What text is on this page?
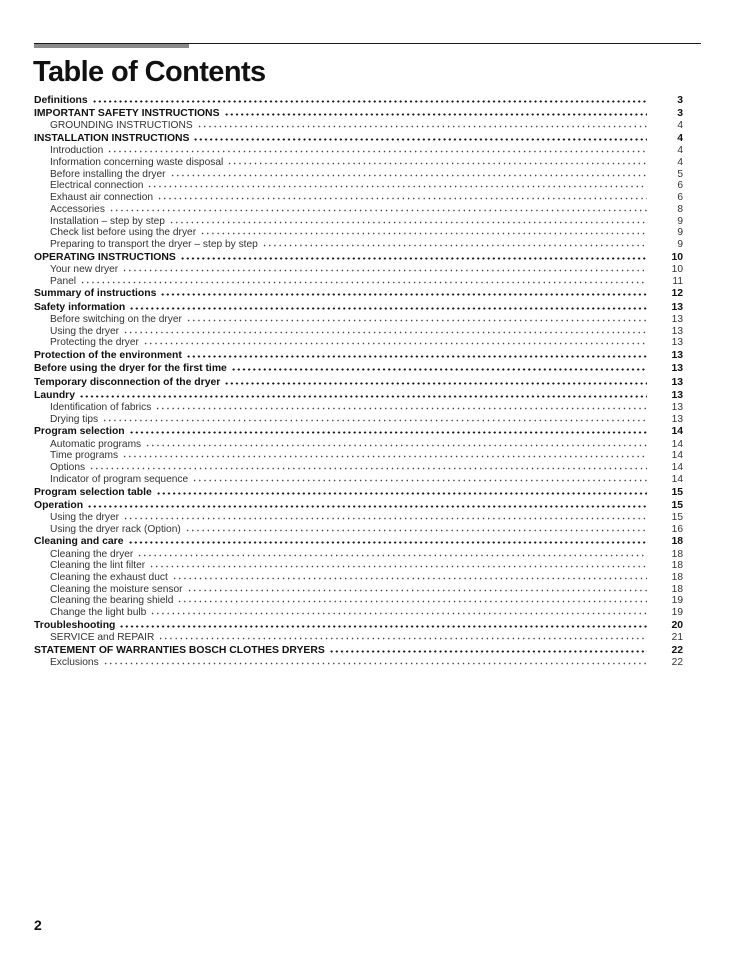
Table of Contents
Definitions	3
IMPORTANT SAFETY INSTRUCTIONS	3
GROUNDING INSTRUCTIONS	4
INSTALLATION INSTRUCTIONS	4
Introduction	4
Information concerning waste disposal	4
Before installing the dryer	5
Electrical connection	6
Exhaust air connection	6
Accessories	8
Installation – step by step	9
Check list before using the dryer	9
Preparing to transport the dryer – step by step	9
OPERATING INSTRUCTIONS	10
Your new dryer	10
Panel	11
Summary of instructions	12
Safety information	13
Before switching on the dryer	13
Using the dryer	13
Protecting the dryer	13
Protection of the environment	13
Before using the dryer for the first time	13
Temporary disconnection of the dryer	13
Laundry	13
Identification of fabrics	13
Drying tips	13
Program selection	14
Automatic programs	14
Time programs	14
Options	14
Indicator of program sequence	14
Program selection table	15
Operation	15
Using the dryer	15
Using the dryer rack (Option)	16
Cleaning and care	18
Cleaning the dryer	18
Cleaning the lint filter	18
Cleaning the exhaust duct	18
Cleaning the moisture sensor	18
Cleaning the bearing shield	19
Change the light bulb	19
Troubleshooting	20
SERVICE and REPAIR	21
STATEMENT OF WARRANTIES BOSCH CLOTHES DRYERS	22
Exclusions	22

2
